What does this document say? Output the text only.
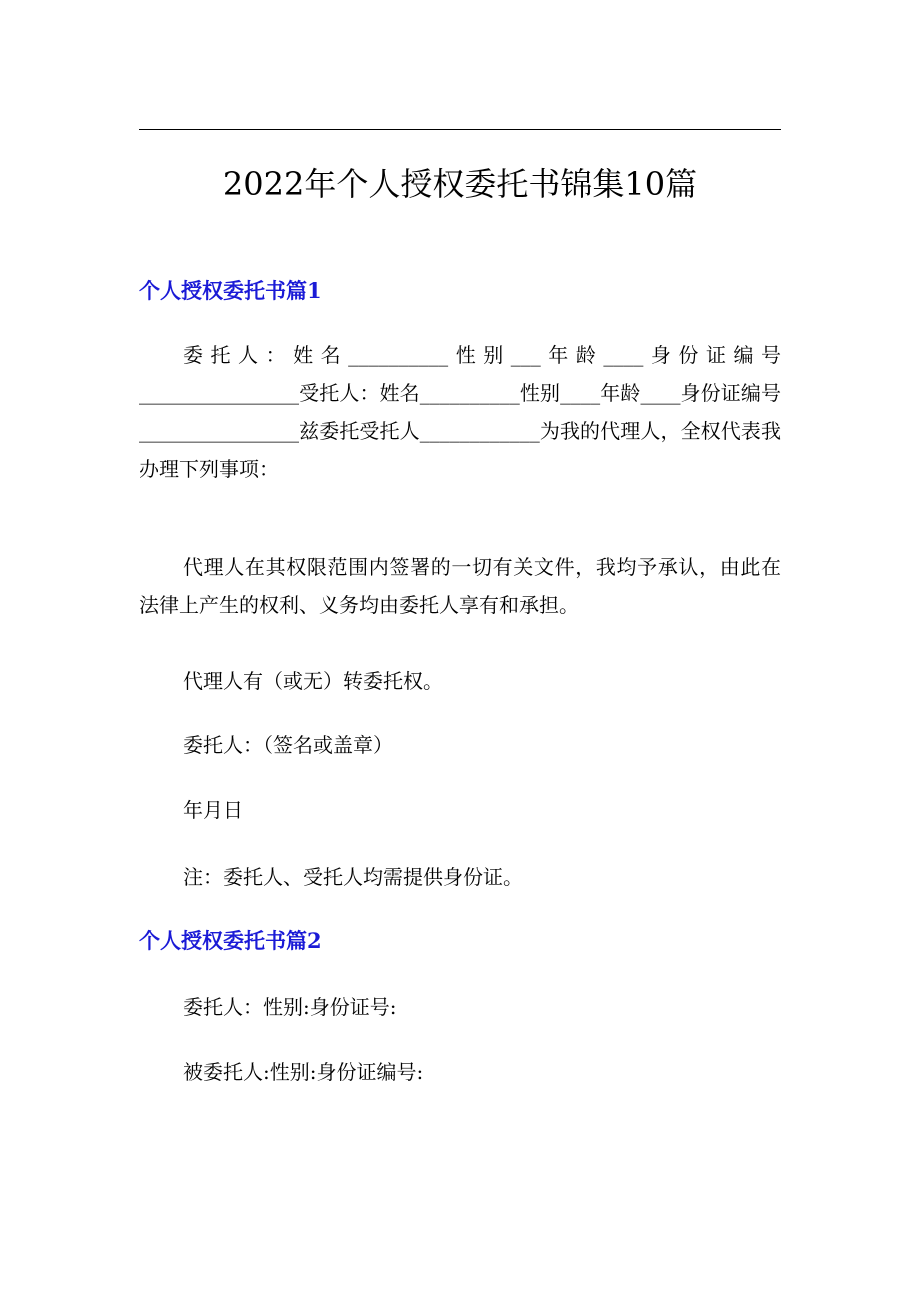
2022年个人授权委托书锦集10篇
个人授权委托书篇1
委托人：姓名__________性别___年龄____身份证编号________________受托人：姓名__________性别____年龄____身份证编号________________兹委托受托人____________为我的代理人，全权代表我办理下列事项：
代理人在其权限范围内签署的一切有关文件，我均予承认，由此在法律上产生的权利、义务均由委托人享有和承担。
代理人有（或无）转委托权。
委托人：（签名或盖章）
年月日
注：委托人、受托人均需提供身份证。
个人授权委托书篇2
委托人：性别:身份证号:
被委托人:性别:身份证编号:
